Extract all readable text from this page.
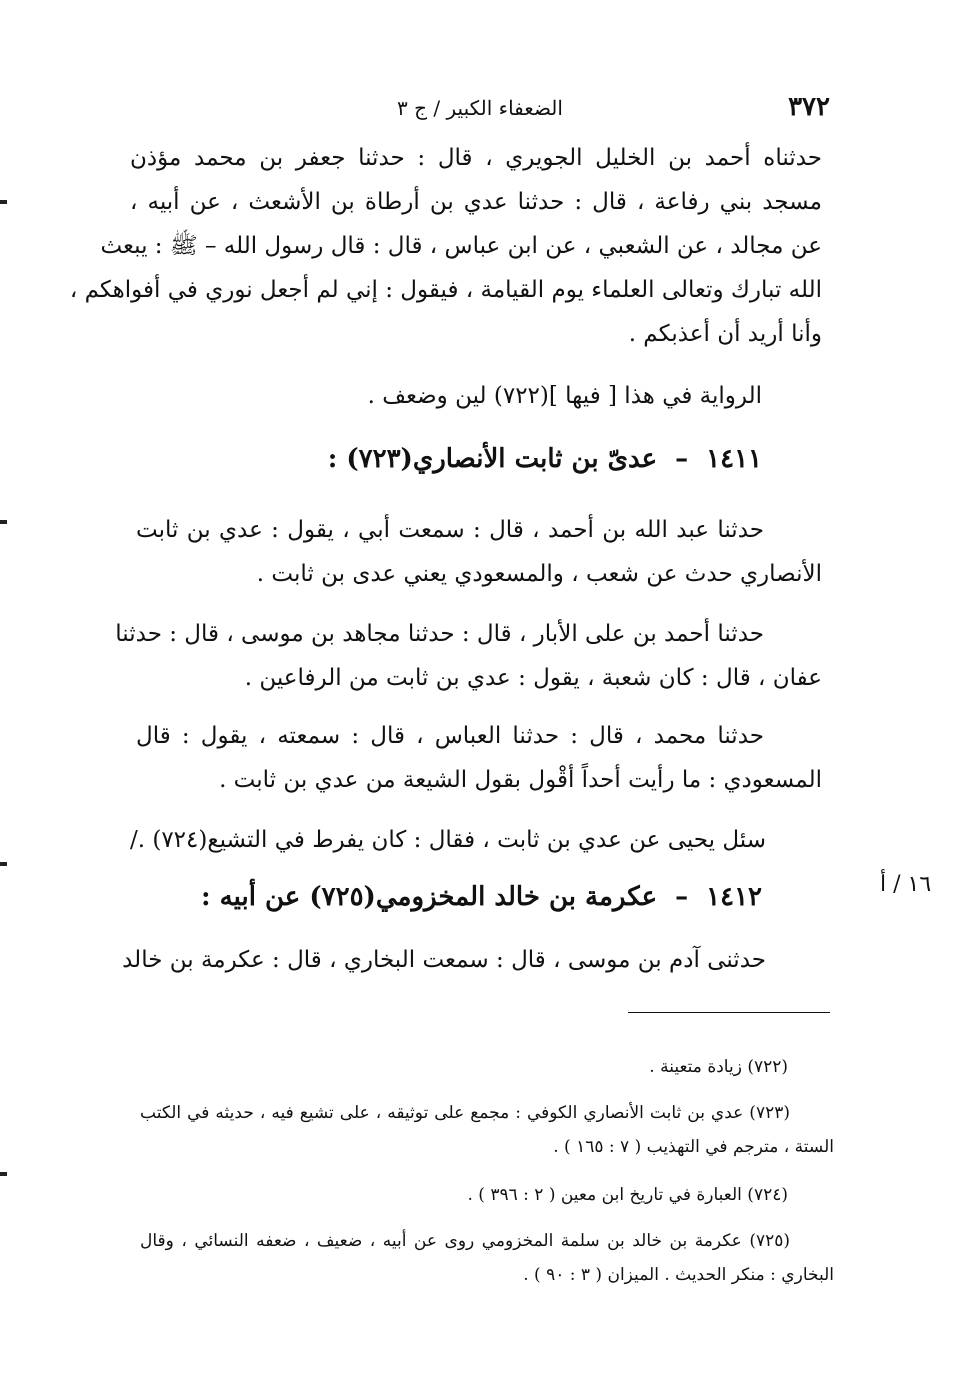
٣٧٢
الضعفاء الكبير / ج ٣
حدثناه أحمد بن الخليل الجويري ، قال : حدثنا جعفر بن محمد مؤذن
مسجد بني رفاعة ، قال : حدثنا عدي بن أرطاة بن الأشعث ، عن أبيه ،
عن مجالد ، عن الشعبي ، عن ابن عباس ، قال : قال رسول الله – ﷺ : يبعث
الله تبارك وتعالى العلماء يوم القيامة ، فيقول : إني لم أجعل نوري في أفواهكم ،
وأنا أريد أن أعذبكم .
الرواية في هذا [ فيها ](٧٢٢) لين وضعف .
١٤١١–عدىّ بن ثابت الأنصاري(٧٢٣) :
حدثنا عبد الله بن أحمد ، قال : سمعت أبي ، يقول : عدي بن ثابت
الأنصاري حدث عن شعب ، والمسعودي يعني عدى بن ثابت .
حدثنا أحمد بن على الأبار ، قال : حدثنا مجاهد بن موسى ، قال : حدثنا
عفان ، قال : كان شعبة ، يقول : عدي بن ثابت من الرفاعين .
حدثنا محمد ، قال : حدثنا العباس ، قال : سمعته ، يقول : قال
المسعودي : ما رأيت أحداً أقْول بقول الشيعة من عدي بن ثابت .
سئل يحيى عن عدي بن ثابت ، فقال : كان يفرط في التشيع(٧٢٤) ./
١٦ / أ
١٤١٢–عكرمة بن خالد المخزومي(٧٢٥) عن أبيه :
حدثنى آدم بن موسى ، قال : سمعت البخاري ، قال : عكرمة بن خالد
(٧٢٢) زيادة متعينة .
(٧٢٣) عدي بن ثابت الأنصاري الكوفي : مجمع على توثيقه ، على تشيع فيه ، حديثه في الكتب
الستة ، مترجم في التهذيب ( ٧ : ١٦٥ ) .
(٧٢٤) العبارة في تاريخ ابن معين ( ٢ : ٣٩٦ ) .
(٧٢٥) عكرمة بن خالد بن سلمة المخزومي روى عن أبيه ، ضعيف ، ضعفه النسائي ، وقال
البخاري : منكر الحديث . الميزان ( ٣ : ٩٠ ) .
